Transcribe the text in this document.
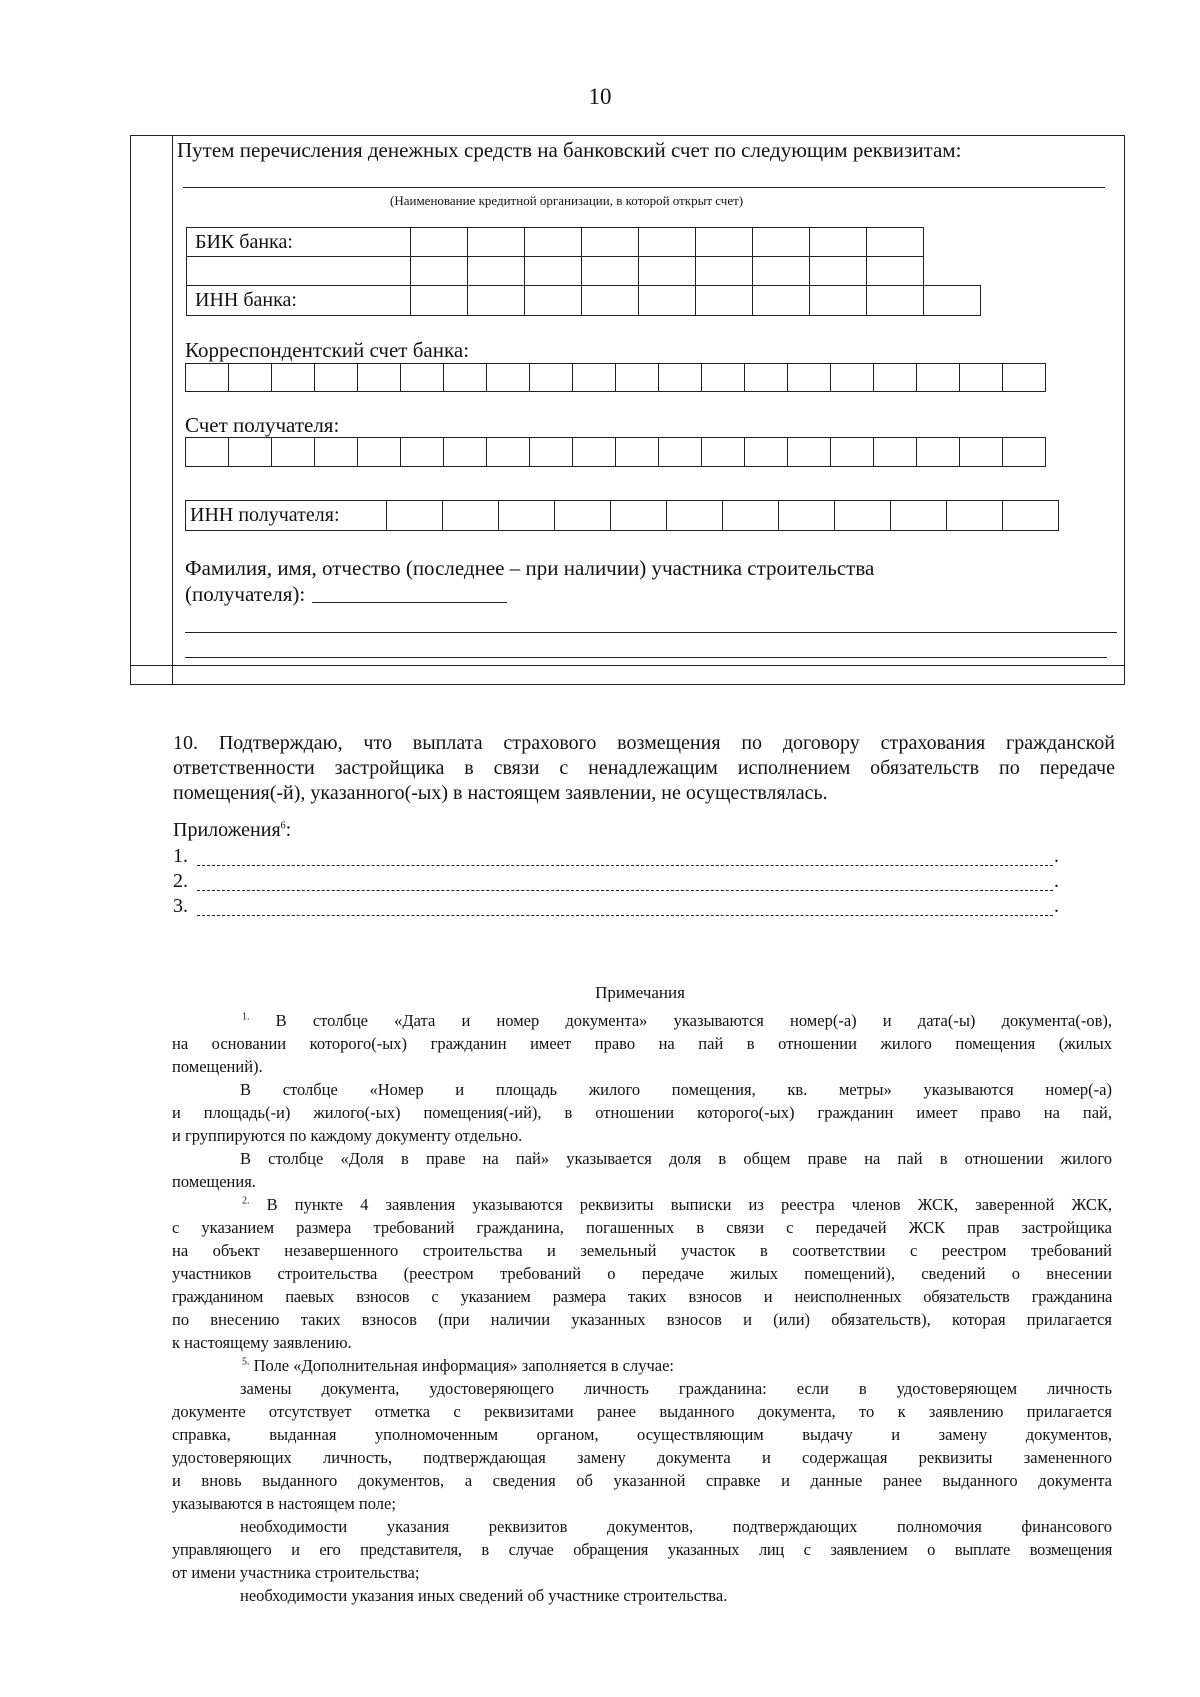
10
Путем перечисления денежных средств на банковский счет по следующим реквизитам:
(Наименование кредитной организации, в которой открыт счет)
БИК банка:									

ИНН банка:										
Корреспондентский счет банка:

Счет получателя:

ИНН получателя:												
Фамилия, имя, отчество (последнее – при наличии) участника строительства
(получателя):
10. Подтверждаю, что выплата страхового возмещения по договору страхования гражданской
ответственности застройщика в связи с ненадлежащим исполнением обязательств по передаче
помещения(-й), указанного(-ых) в настоящем заявлении, не осуществлялась.
Приложения$^6$:
1.	.
2.	.
3.	.
Примечания
$^{1.}$ В столбце «Дата и номер документа» указываются номер(-а) и дата(-ы) документа(-ов),
на основании которого(-ых) гражданин имеет право на пай в отношении жилого помещения (жилых
помещений).
В столбце «Номер и площадь жилого помещения, кв. метры» указываются номер(-а)
и площадь(-и) жилого(-ых) помещения(-ий), в отношении которого(-ых) гражданин имеет право на пай,
и группируются по каждому документу отдельно.
В столбце «Доля в праве на пай» указывается доля в общем праве на пай в отношении жилого
помещения.
$^{2.}$ В пункте 4 заявления указываются реквизиты выписки из реестра членов ЖСК, заверенной ЖСК,
с указанием размера требований гражданина, погашенных в связи с передачей ЖСК прав застройщика
на объект незавершенного строительства и земельный участок в соответствии с реестром требований
участников строительства (реестром требований о передаче жилых помещений), сведений о внесении
гражданином паевых взносов с указанием размера таких взносов и неисполненных обязательств гражданина
по внесению таких взносов (при наличии указанных взносов и (или) обязательств), которая прилагается
к настоящему заявлению.
$^{5.}$ Поле «Дополнительная информация» заполняется в случае:
замены документа, удостоверяющего личность гражданина: если в удостоверяющем личность
документе отсутствует отметка с реквизитами ранее выданного документа, то к заявлению прилагается
справка, выданная уполномоченным органом, осуществляющим выдачу и замену документов,
удостоверяющих личность, подтверждающая замену документа и содержащая реквизиты замененного
и вновь выданного документов, а сведения об указанной справке и данные ранее выданного документа
указываются в настоящем поле;
необходимости указания реквизитов документов, подтверждающих полномочия финансового
управляющего и его представителя, в случае обращения указанных лиц с заявлением о выплате возмещения
от имени участника строительства;
необходимости указания иных сведений об участнике строительства.
